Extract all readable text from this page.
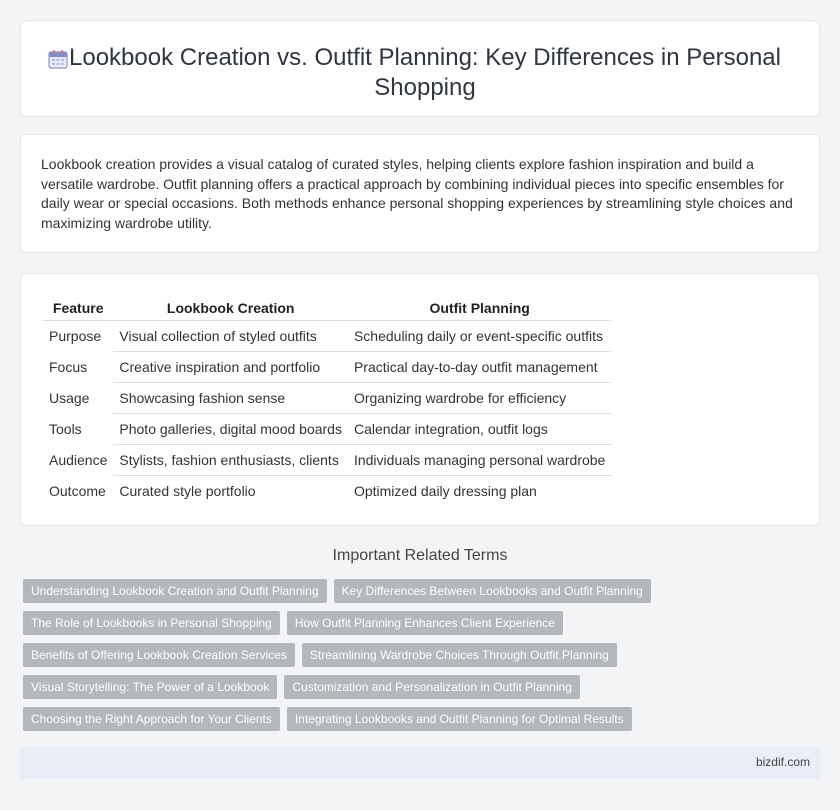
Lookbook Creation vs. Outfit Planning: Key Differences in Personal Shopping

Lookbook creation provides a visual catalog of curated styles, helping clients explore fashion inspiration and build a versatile wardrobe. Outfit planning offers a practical approach by combining individual pieces into specific ensembles for daily wear or special occasions. Both methods enhance personal shopping experiences by streamlining style choices and maximizing wardrobe utility.

Feature	Lookbook Creation	Outfit Planning
Purpose	Visual collection of styled outfits	Scheduling daily or event-specific outfits
Focus	Creative inspiration and portfolio	Practical day-to-day outfit management
Usage	Showcasing fashion sense	Organizing wardrobe for efficiency
Tools	Photo galleries, digital mood boards	Calendar integration, outfit logs
Audience	Stylists, fashion enthusiasts, clients	Individuals managing personal wardrobe
Outcome	Curated style portfolio	Optimized daily dressing plan
Important Related Terms
Understanding Lookbook Creation and Outfit Planning	Key Differences Between Lookbooks and Outfit Planning
The Role of Lookbooks in Personal Shopping	How Outfit Planning Enhances Client Experience
Benefits of Offering Lookbook Creation Services	Streamlining Wardrobe Choices Through Outfit Planning
Visual Storytelling: The Power of a Lookbook	Customization and Personalization in Outfit Planning
Choosing the Right Approach for Your Clients	Integrating Lookbooks and Outfit Planning for Optimal Results
bizdif.com
